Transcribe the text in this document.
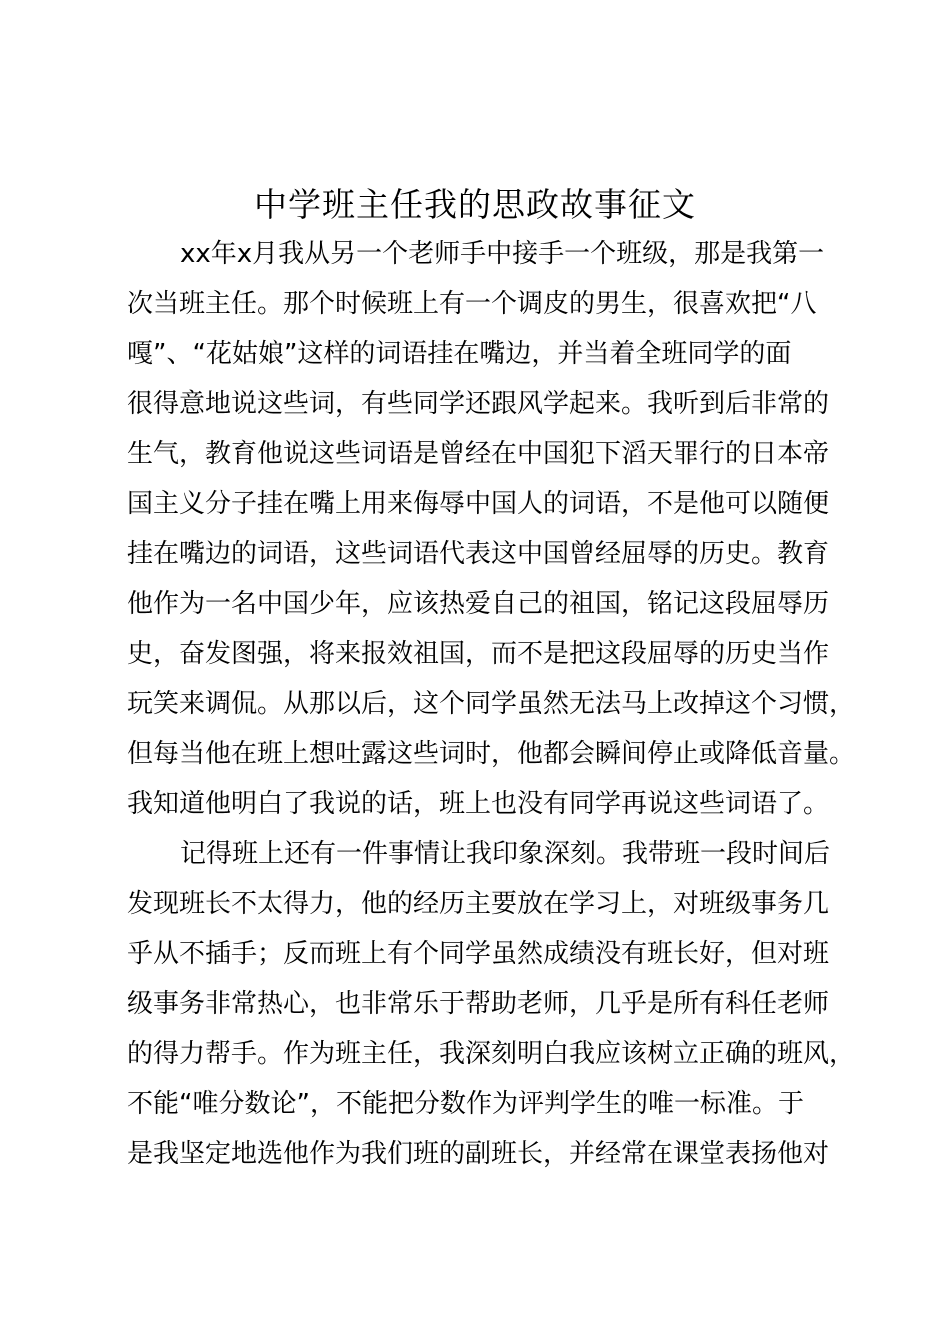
中学班主任我的思政故事征文

xx年x月我从另一个老师手中接手一个班级，那是我第一

次当班主任。那个时候班上有一个调皮的男生，很喜欢把“八

嘎”、“花姑娘”这样的词语挂在嘴边，并当着全班同学的面

很得意地说这些词，有些同学还跟风学起来。我听到后非常的

生气，教育他说这些词语是曾经在中国犯下滔天罪行的日本帝

国主义分子挂在嘴上用来侮辱中国人的词语，不是他可以随便

挂在嘴边的词语，这些词语代表这中国曾经屈辱的历史。教育

他作为一名中国少年，应该热爱自己的祖国，铭记这段屈辱历

史，奋发图强，将来报效祖国，而不是把这段屈辱的历史当作

玩笑来调侃。从那以后，这个同学虽然无法马上改掉这个习惯，

但每当他在班上想吐露这些词时，他都会瞬间停止或降低音量。

我知道他明白了我说的话，班上也没有同学再说这些词语了。

记得班上还有一件事情让我印象深刻。我带班一段时间后

发现班长不太得力，他的经历主要放在学习上，对班级事务几

乎从不插手；反而班上有个同学虽然成绩没有班长好，但对班

级事务非常热心，也非常乐于帮助老师，几乎是所有科任老师

的得力帮手。作为班主任，我深刻明白我应该树立正确的班风，

不能“唯分数论”，不能把分数作为评判学生的唯一标准。于

是我坚定地选他作为我们班的副班长，并经常在课堂表扬他对
